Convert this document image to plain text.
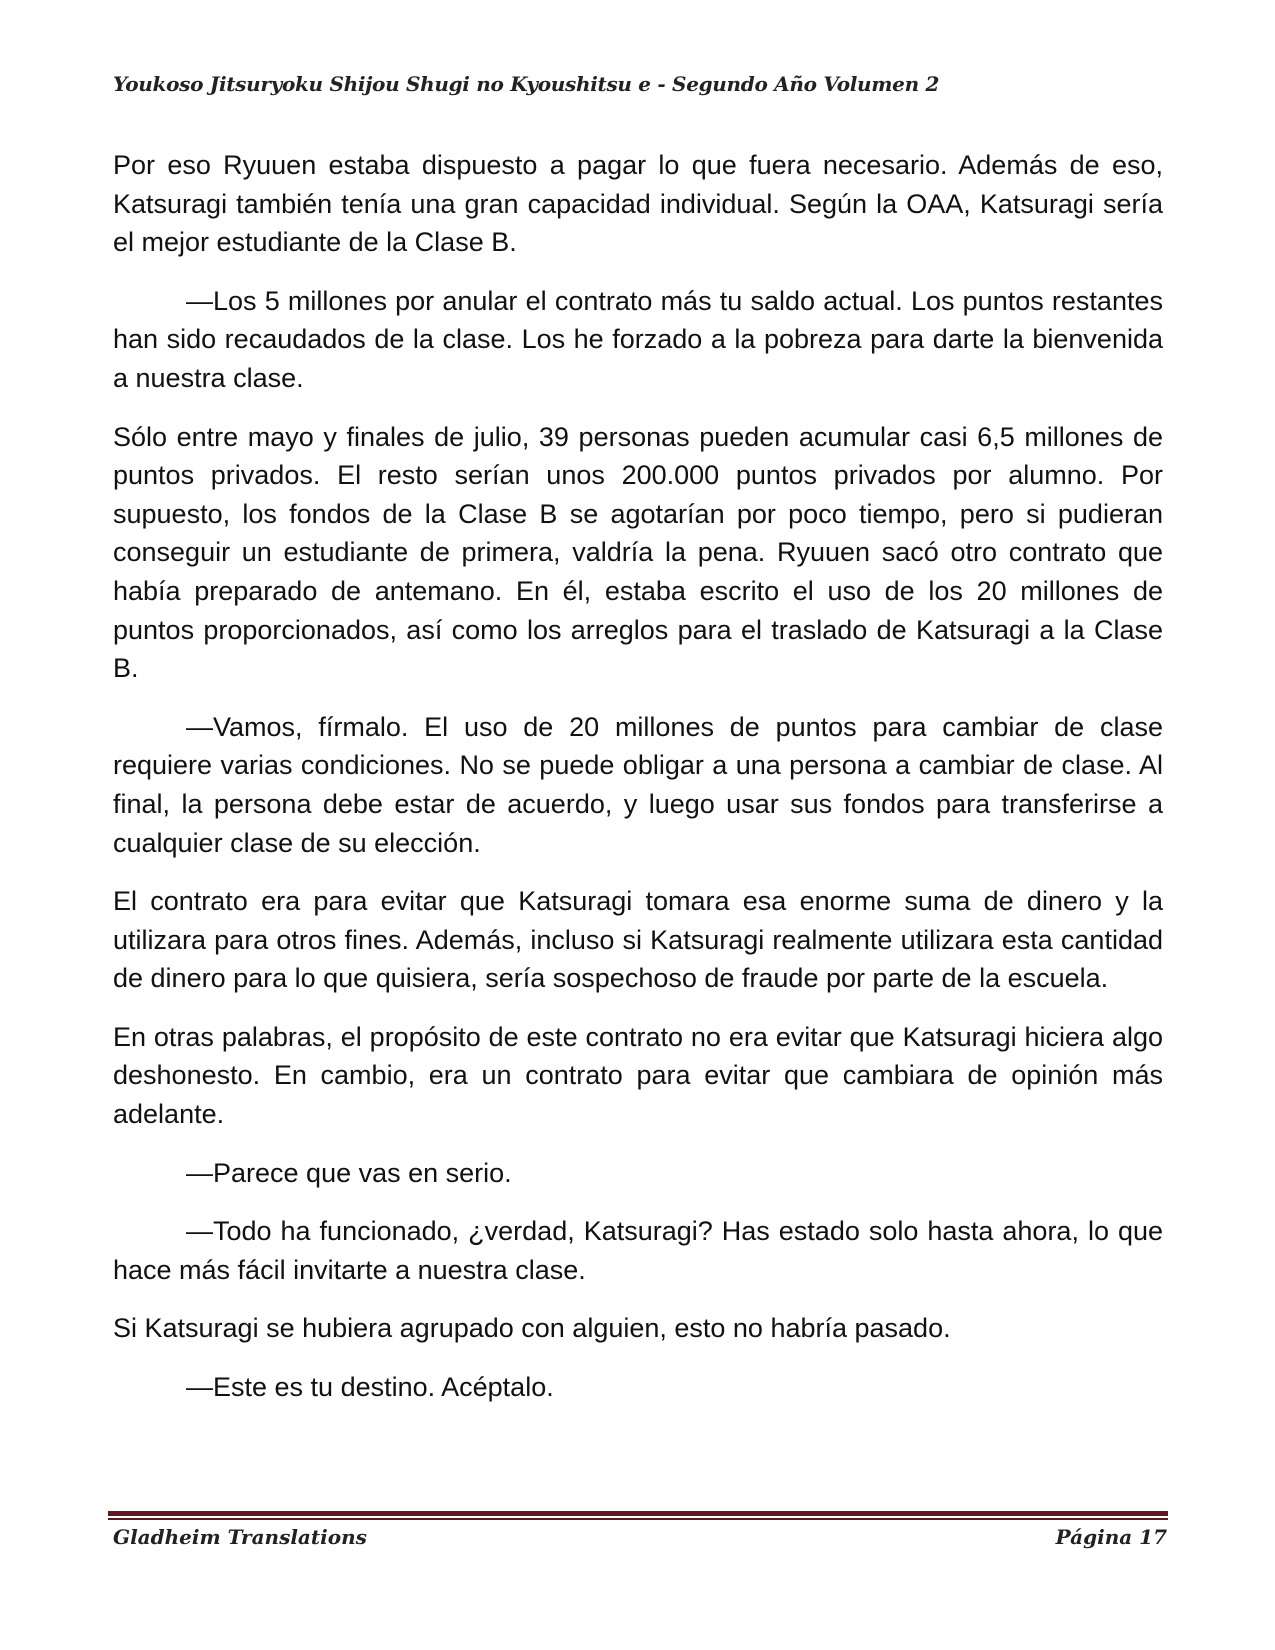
Youkoso Jitsuryoku Shijou Shugi no Kyoushitsu e - Segundo Año Volumen 2

Por eso Ryuuen estaba dispuesto a pagar lo que fuera necesario. Además de eso, Katsuragi también tenía una gran capacidad individual. Según la OAA, Katsuragi sería el mejor estudiante de la Clase B.

—Los 5 millones por anular el contrato más tu saldo actual. Los puntos restantes han sido recaudados de la clase. Los he forzado a la pobreza para darte la bienvenida a nuestra clase.

Sólo entre mayo y finales de julio, 39 personas pueden acumular casi 6,5 millones de puntos privados. El resto serían unos 200.000 puntos privados por alumno. Por supuesto, los fondos de la Clase B se agotarían por poco tiempo, pero si pudieran conseguir un estudiante de primera, valdría la pena. Ryuuen sacó otro contrato que había preparado de antemano. En él, estaba escrito el uso de los 20 millones de puntos proporcionados, así como los arreglos para el traslado de Katsuragi a la Clase B.

—Vamos, fírmalo. El uso de 20 millones de puntos para cambiar de clase requiere varias condiciones. No se puede obligar a una persona a cambiar de clase. Al final, la persona debe estar de acuerdo, y luego usar sus fondos para transferirse a cualquier clase de su elección.

El contrato era para evitar que Katsuragi tomara esa enorme suma de dinero y la utilizara para otros fines. Además, incluso si Katsuragi realmente utilizara esta cantidad de dinero para lo que quisiera, sería sospechoso de fraude por parte de la escuela.

En otras palabras, el propósito de este contrato no era evitar que Katsuragi hiciera algo deshonesto. En cambio, era un contrato para evitar que cambiara de opinión más adelante.

—Parece que vas en serio.

—Todo ha funcionado, ¿verdad, Katsuragi? Has estado solo hasta ahora, lo que hace más fácil invitarte a nuestra clase.

Si Katsuragi se hubiera agrupado con alguien, esto no habría pasado.

—Este es tu destino. Acéptalo.

Gladheim Translations	Página 17
